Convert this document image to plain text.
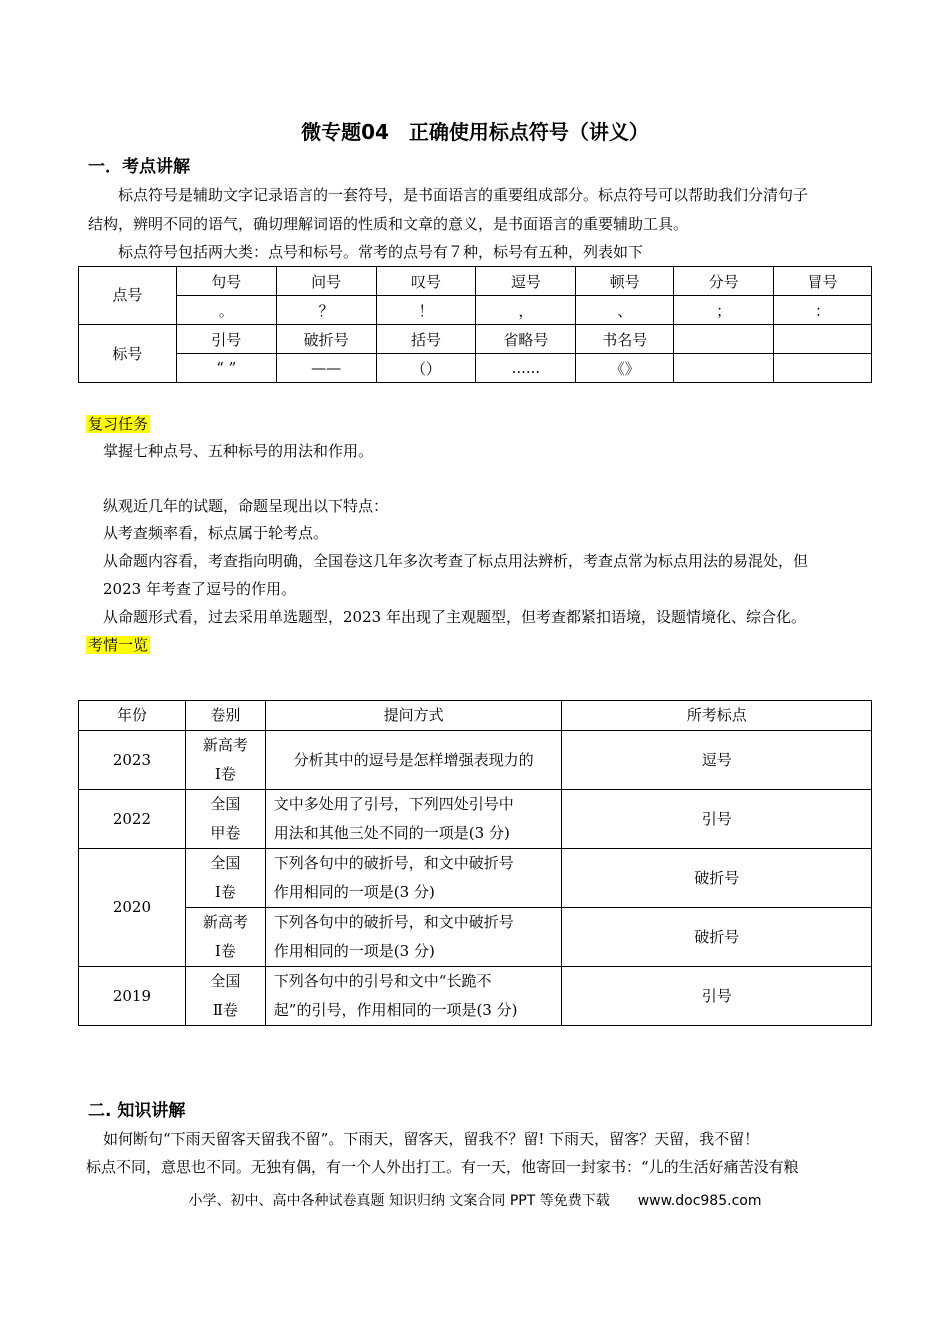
微专题04　正确使用标点符号（讲义）
一．考点讲解
标点符号是辅助文字记录语言的一套符号，是书面语言的重要组成部分。标点符号可以帮助我们分清句子
结构，辨明不同的语气，确切理解词语的性质和文章的意义，是书面语言的重要辅助工具。
标点符号包括两大类：点号和标号。常考的点号有７种，标号有五种，列表如下
点号	句号	问号	叹号	逗号	顿号	分号	冒号
	。	？	！	，	、	；	：
标号	引号	破折号	括号	省略号	书名号		
	“ ”	——	（）	......	《》		
复习任务
掌握七种点号、五种标号的用法和作用。
纵观近几年的试题，命题呈现出以下特点：
从考查频率看，标点属于轮考点。
从命题内容看，考查指向明确，全国卷这几年多次考查了标点用法辨析，考查点常为标点用法的易混处，但
2023 年考查了逗号的作用。
从命题形式看，过去采用单选题型，2023 年出现了主观题型，但考查都紧扣语境，设题情境化、综合化。
考情一览
年份	卷别	提问方式	所考标点
2023	新高考
Ⅰ卷	分析其中的逗号是怎样增强表现力的	逗号
2022	全国
甲卷	文中多处用了引号，下列四处引号中
用法和其他三处不同的一项是(3 分)	引号
2020	全国
Ⅰ卷	下列各句中的破折号，和文中破折号
作用相同的一项是(3 分)	破折号
	新高考
Ⅰ卷	下列各句中的破折号，和文中破折号
作用相同的一项是(3 分)	破折号
2019	全国
Ⅱ卷	下列各句中的引号和文中“长跪不
起”的引号，作用相同的一项是(3 分)	引号
二. 知识讲解
如何断句“下雨天留客天留我不留”。下雨天，留客天，留我不？留! 下雨天，留客？天留，我不留！
标点不同，意思也不同。无独有偶，有一个人外出打工。有一天，他寄回一封家书：“儿的生活好痛苦没有粮
小学、初中、高中各种试卷真题 知识归纳 文案合同 PPT 等免费下载　　www.doc985.com
